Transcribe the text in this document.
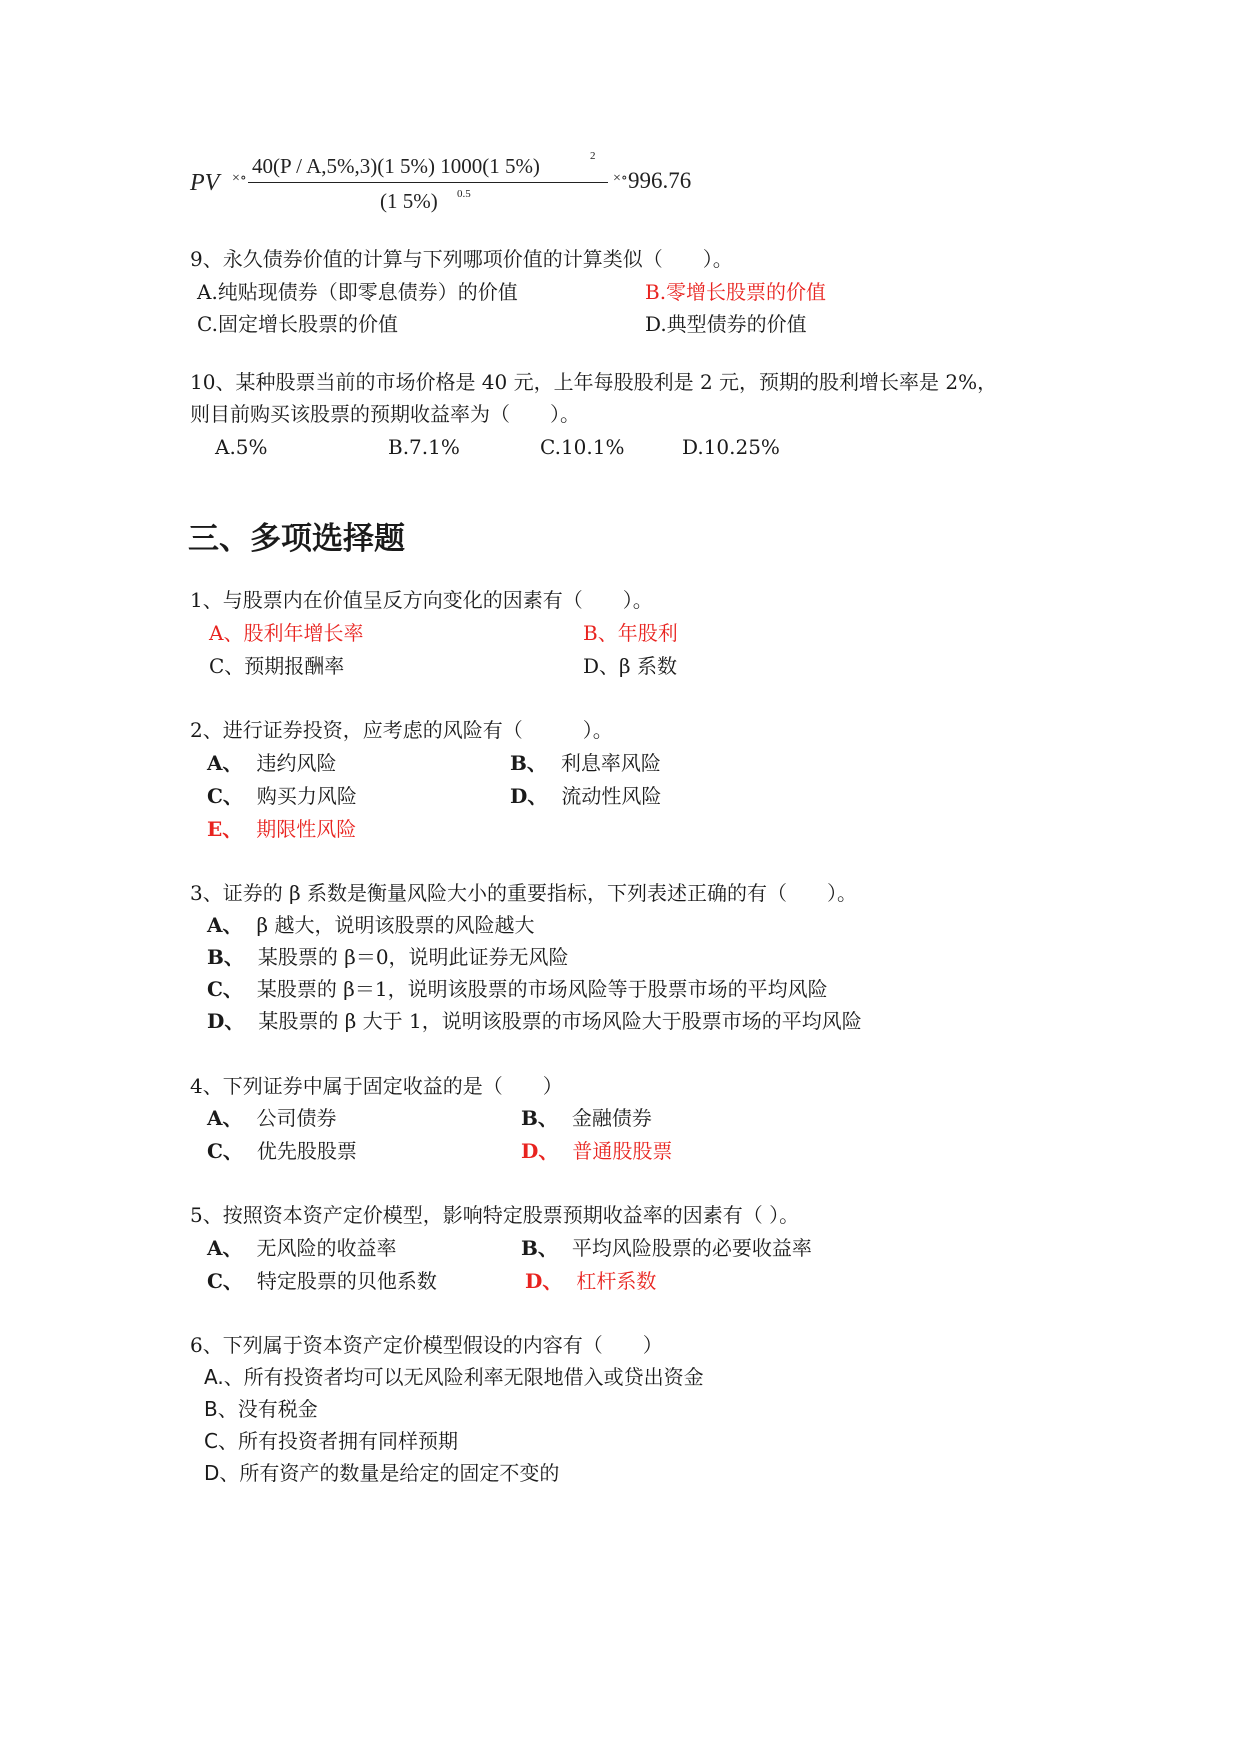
PV ×∘
40(P / A,5%,3)(1 5%) 1000(1 5%)	2
(1 5%) 0.5
×∘ 996.76
9、永久债券价值的计算与下列哪项价值的计算类似（　　）。
A.纯贴现债券（即零息债券）的价值	B.零增长股票的价值
C.固定增长股票的价值	D.典型债券的价值
10、某种股票当前的市场价格是 40 元，上年每股股利是 2 元，预期的股利增长率是 2%，
则目前购买该股票的预期收益率为（　　）。
A.5%	B.7.1%	C.10.1%	D.10.25%
三、多项选择题
1、与股票内在价值呈反方向变化的因素有（　　）。
A、股利年增长率	B、年股利
C、预期报酬率	D、β 系数
2、进行证券投资，应考虑的风险有（　　　）。
A、 违约风险	B、 利息率风险
C、 购买力风险	D、 流动性风险
E、 期限性风险
3、证券的 β 系数是衡量风险大小的重要指标，下列表述正确的有（　　）。
A、 β 越大，说明该股票的风险越大
B、 某股票的 β＝0，说明此证券无风险
C、 某股票的 β＝1，说明该股票的市场风险等于股票市场的平均风险
D、 某股票的 β 大于 1，说明该股票的市场风险大于股票市场的平均风险
4、下列证券中属于固定收益的是（　　）
A、 公司债券	B、 金融债券
C、 优先股股票	D、 普通股股票
5、按照资本资产定价模型，影响特定股票预期收益率的因素有（ ）。
A、 无风险的收益率	B、 平均风险股票的必要收益率
C、 特定股票的贝他系数	D、 杠杆系数
6、下列属于资本资产定价模型假设的内容有（　　）
A.、所有投资者均可以无风险利率无限地借入或贷出资金
B、没有税金
C、所有投资者拥有同样预期
D、所有资产的数量是给定的固定不变的
